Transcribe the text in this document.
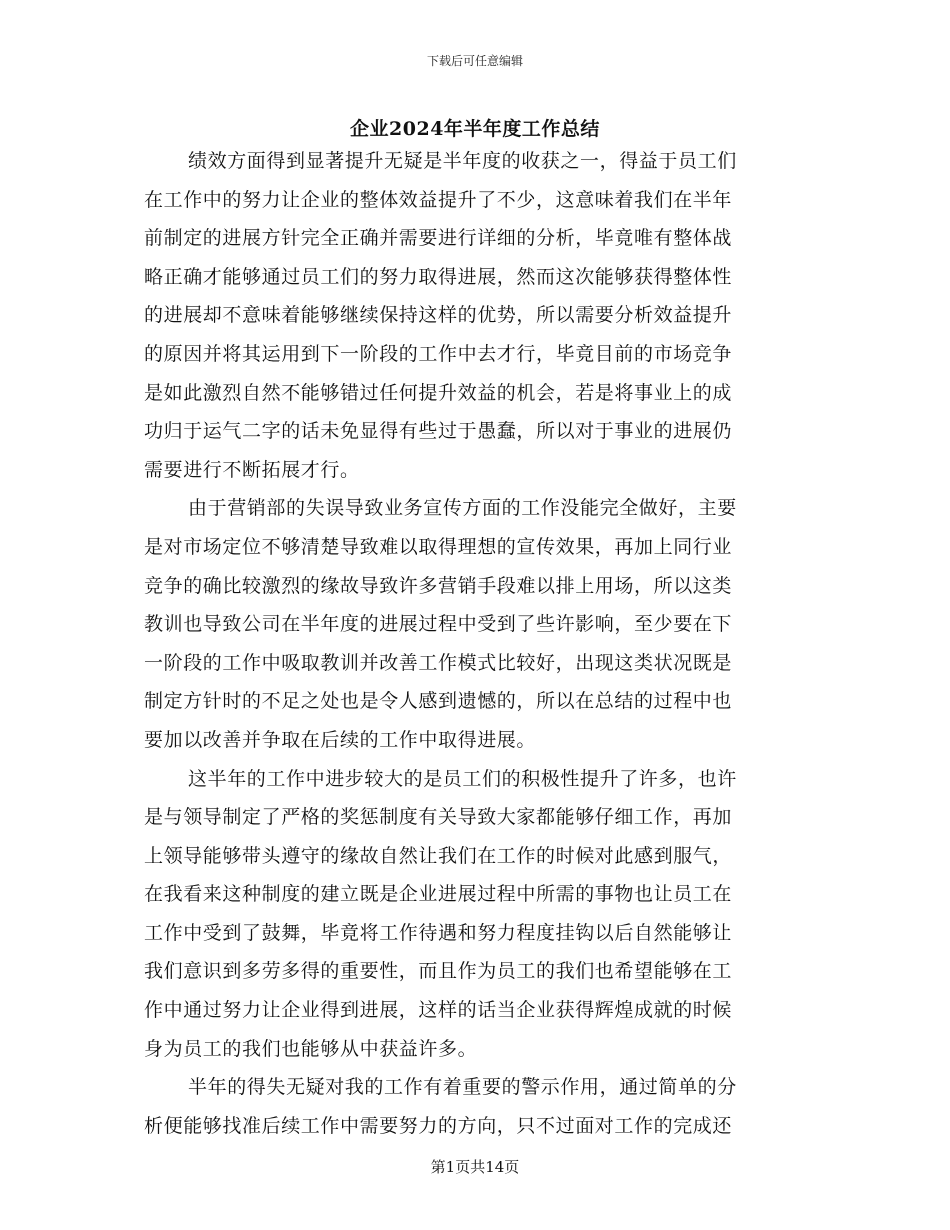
下载后可任意编辑
企业2024年半年度工作总结
绩效方面得到显著提升无疑是半年度的收获之一，得益于员工们
在工作中的努力让企业的整体效益提升了不少，这意味着我们在半年
前制定的进展方针完全正确并需要进行详细的分析，毕竟唯有整体战
略正确才能够通过员工们的努力取得进展，然而这次能够获得整体性
的进展却不意味着能够继续保持这样的优势，所以需要分析效益提升
的原因并将其运用到下一阶段的工作中去才行，毕竟目前的市场竞争
是如此激烈自然不能够错过任何提升效益的机会，若是将事业上的成
功归于运气二字的话未免显得有些过于愚蠢，所以对于事业的进展仍
需要进行不断拓展才行。
由于营销部的失误导致业务宣传方面的工作没能完全做好，主要
是对市场定位不够清楚导致难以取得理想的宣传效果，再加上同行业
竞争的确比较激烈的缘故导致许多营销手段难以排上用场，所以这类
教训也导致公司在半年度的进展过程中受到了些许影响，至少要在下
一阶段的工作中吸取教训并改善工作模式比较好，出现这类状况既是
制定方针时的不足之处也是令人感到遗憾的，所以在总结的过程中也
要加以改善并争取在后续的工作中取得进展。
这半年的工作中进步较大的是员工们的积极性提升了许多，也许
是与领导制定了严格的奖惩制度有关导致大家都能够仔细工作，再加
上领导能够带头遵守的缘故自然让我们在工作的时候对此感到服气，
在我看来这种制度的建立既是企业进展过程中所需的事物也让员工在
工作中受到了鼓舞，毕竟将工作待遇和努力程度挂钩以后自然能够让
我们意识到多劳多得的重要性，而且作为员工的我们也希望能够在工
作中通过努力让企业得到进展，这样的话当企业获得辉煌成就的时候
身为员工的我们也能够从中获益许多。
半年的得失无疑对我的工作有着重要的警示作用，通过简单的分
析便能够找准后续工作中需要努力的方向，只不过面对工作的完成还
第1页共14页
